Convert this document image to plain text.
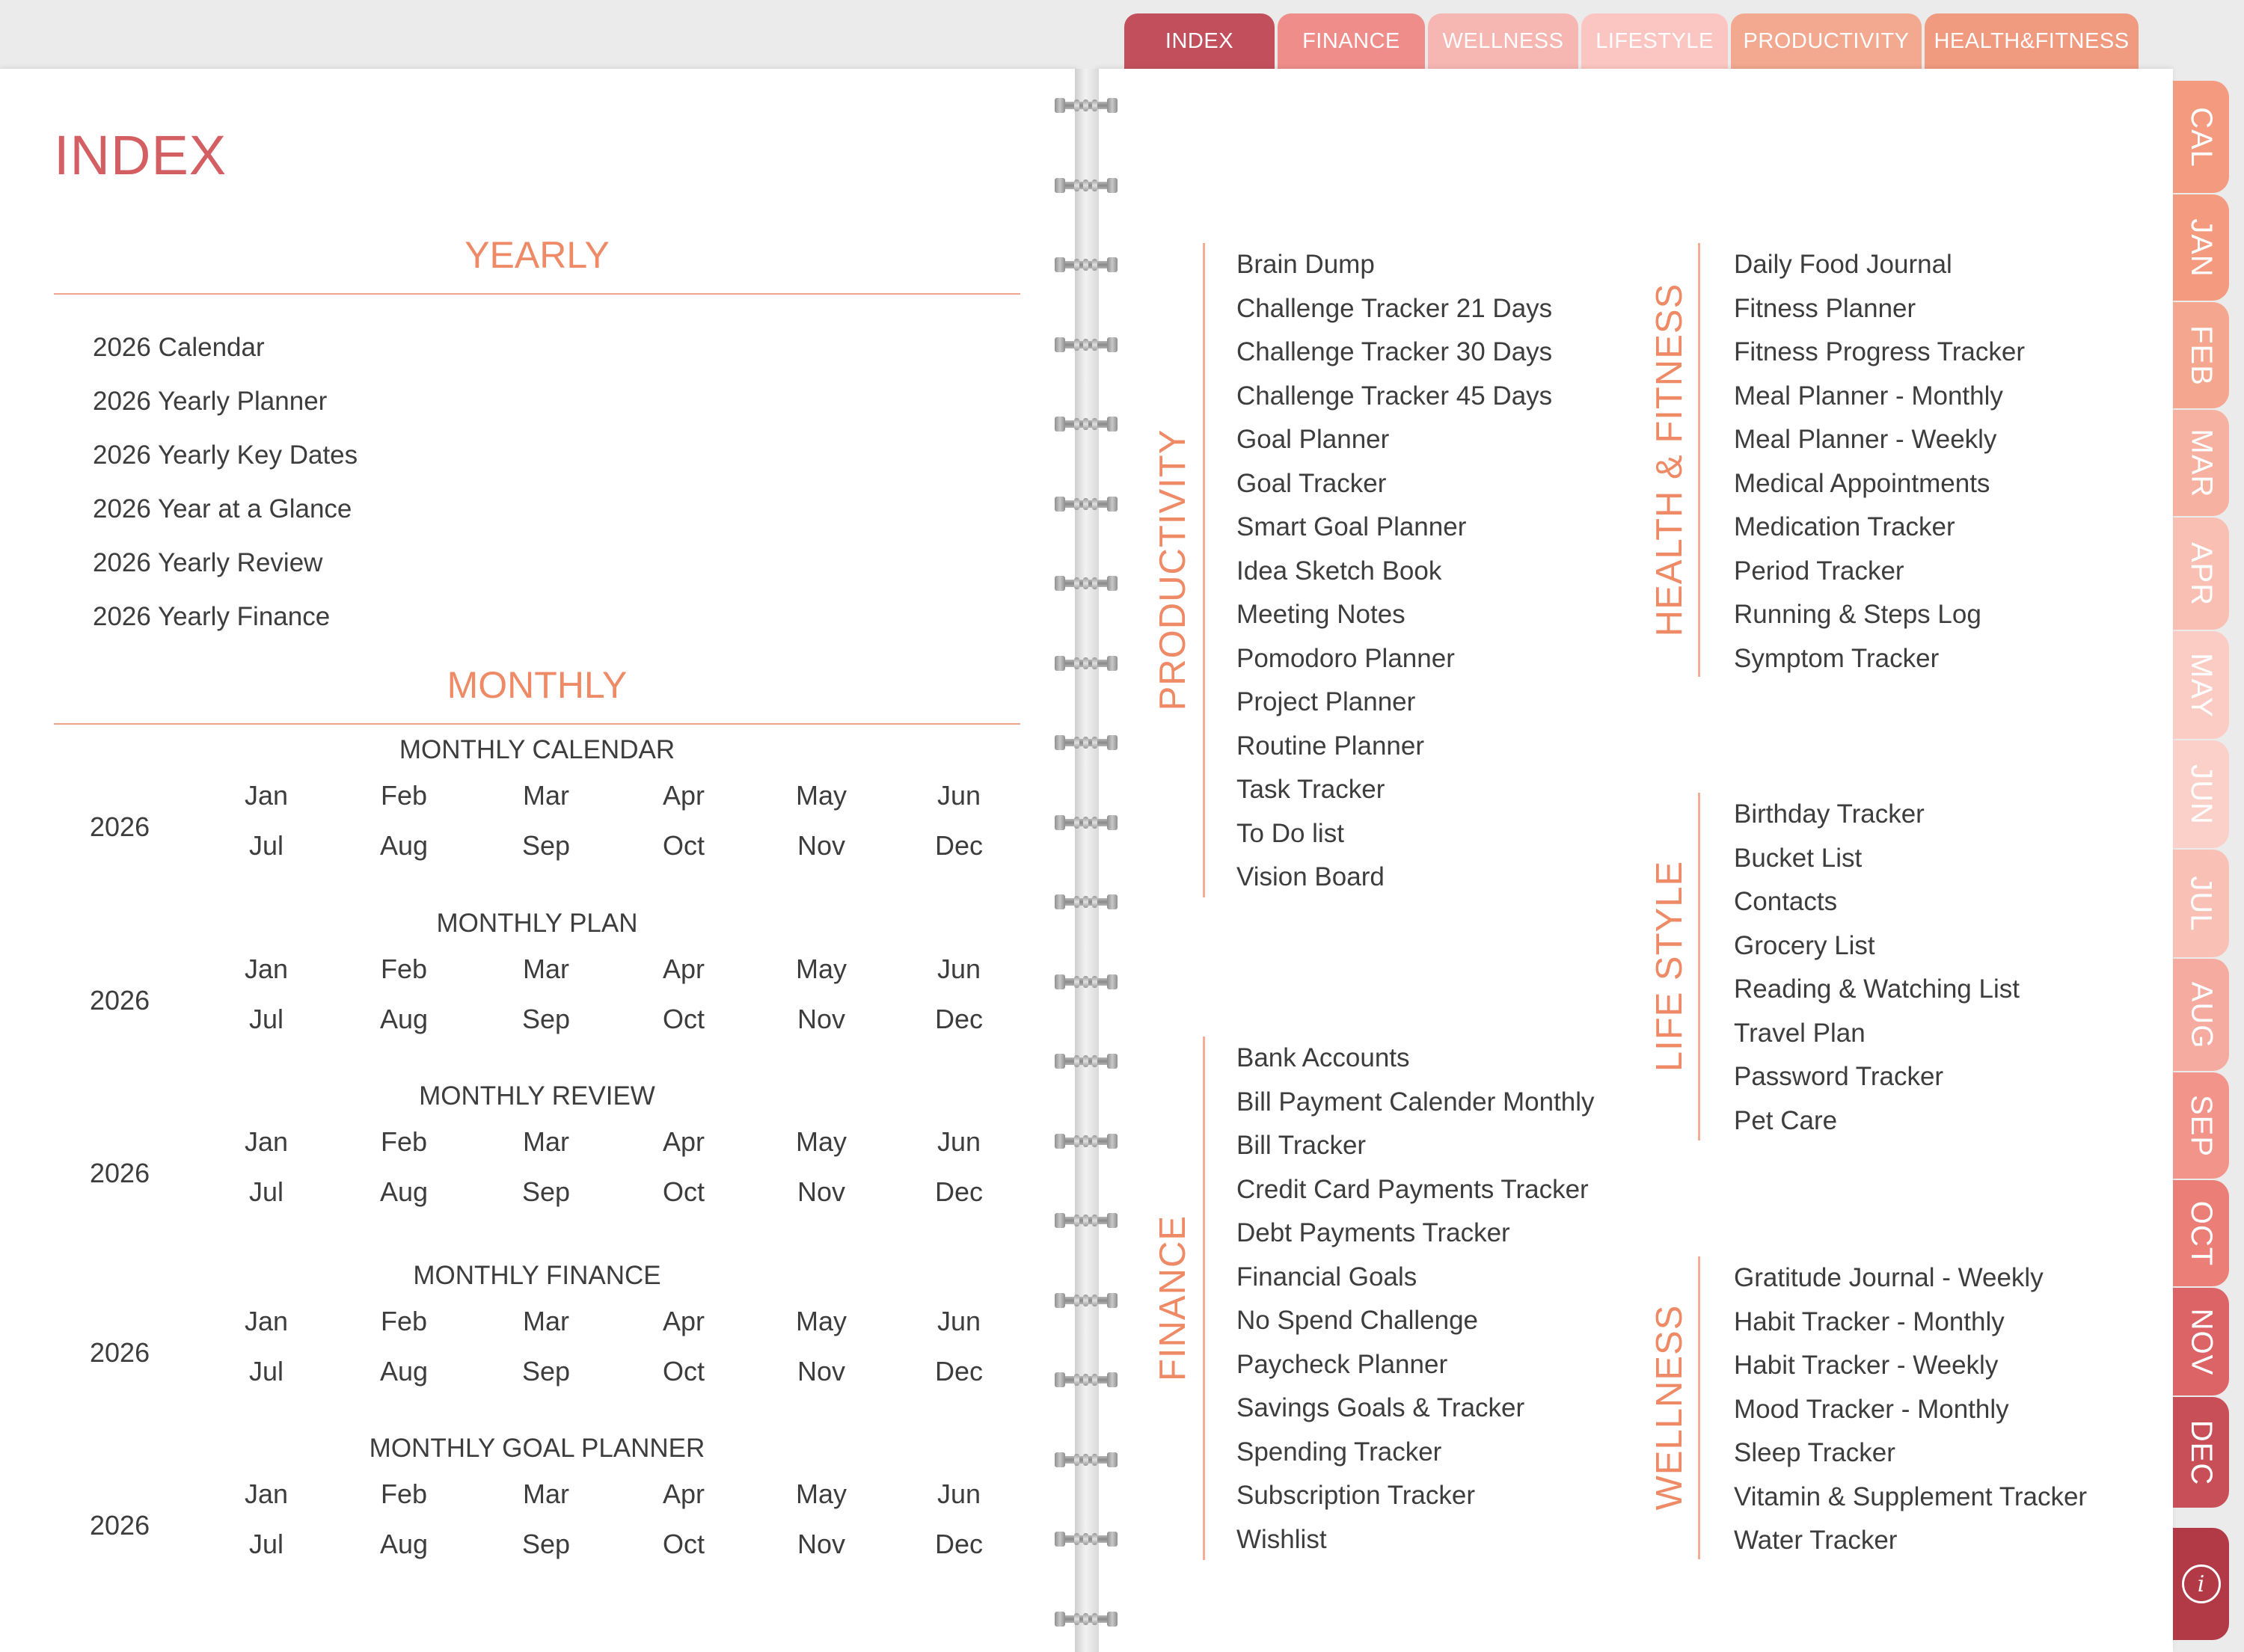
INDEX	FINANCE	WELLNESS	LIFESTYLE	PRODUCTIVITY	HEALTH&FITNESS
CAL
JAN
FEB
MAR
APR
MAY
JUN
JUL
AUG
SEP
OCT
NOV
DEC
i
INDEX
YEARLY
2026 Calendar
2026 Yearly Planner
2026 Yearly Key Dates
2026 Year at a Glance
2026 Yearly Review
2026 Yearly Finance
MONTHLY
MONTHLY CALENDAR
2026
Jan	Feb	Mar	Apr	May	Jun
Jul	Aug	Sep	Oct	Nov	Dec
MONTHLY PLAN
2026
Jan	Feb	Mar	Apr	May	Jun
Jul	Aug	Sep	Oct	Nov	Dec
MONTHLY REVIEW
2026
Jan	Feb	Mar	Apr	May	Jun
Jul	Aug	Sep	Oct	Nov	Dec
MONTHLY FINANCE
2026
Jan	Feb	Mar	Apr	May	Jun
Jul	Aug	Sep	Oct	Nov	Dec
MONTHLY GOAL PLANNER
2026
Jan	Feb	Mar	Apr	May	Jun
Jul	Aug	Sep	Oct	Nov	Dec
PRODUCTIVITY
Brain Dump
Challenge Tracker 21 Days
Challenge Tracker 30 Days
Challenge Tracker 45 Days
Goal Planner
Goal Tracker
Smart Goal Planner
Idea Sketch Book
Meeting Notes
Pomodoro Planner
Project Planner
Routine Planner
Task Tracker
To Do list
Vision Board
FINANCE
Bank Accounts
Bill Payment Calender Monthly
Bill Tracker
Credit Card Payments Tracker
Debt Payments Tracker
Financial Goals
No Spend Challenge
Paycheck Planner
Savings Goals & Tracker
Spending Tracker
Subscription Tracker
Wishlist
HEALTH & FITNESS
Daily Food Journal
Fitness Planner
Fitness Progress Tracker
Meal Planner - Monthly
Meal Planner - Weekly
Medical Appointments
Medication Tracker
Period Tracker
Running & Steps Log
Symptom Tracker
LIFE STYLE
Birthday Tracker
Bucket List
Contacts
Grocery List
Reading & Watching List
Travel Plan
Password Tracker
Pet Care
WELLNESS
Gratitude Journal - Weekly
Habit Tracker - Monthly
Habit Tracker - Weekly
Mood Tracker - Monthly
Sleep Tracker
Vitamin & Supplement Tracker
Water Tracker
